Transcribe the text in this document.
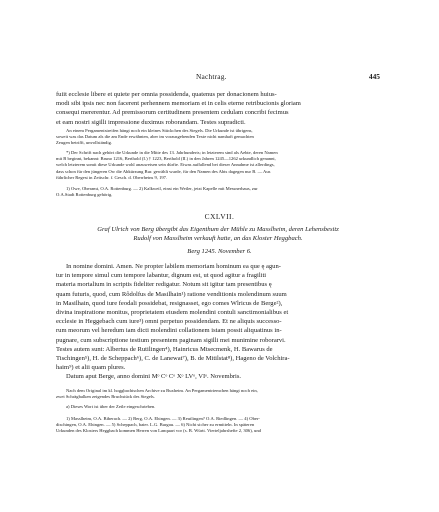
Nachtrag.	445
fuiit ecclesie libere et quiete per omnia possidenda, quatenus per donacionem huius-
modi sibi ipsis nec non facerent perhennem memoriam et in celis eterne retribucionis gloriam
consequi mererentur. Ad premissorum certitudinem presentem cedulam concribi fecimus
et eam nostri sigilli impressione duximus roborandam. Testes supradicti.
An einem Pergamentstreifen hängt noch ein kleines Stückchen des Siegels. Die Urkunde ist übrigens,
soweit was das Datum als die am Ende erwähnten, aber im vorausgehenden Texte nicht namhaft gemachten
Zeugen betrifft, unvollständig.
*) Der Schrift nach gehört die Urkunde in die Mitte des 13. Jahrhunderts; in letzterem sind als Aebte, deren Namen
mit B beginnt, bekannt: Bruno 1216, Berthold (I.) † 1223, Berthold (II.) in den Jahren 1245—1262 urkundlich genannt,
welch letzterem somit diese Urkunde wohl anzuweisen sein dürfte. Etwas auffallend bei dieser Annahme ist allerdings,
dass schon für den jüngeren Ow die Abkürzung Bur. gewählt wurde, für den Namen des Abts dagegen nur B. — Aus
führlicher Regest in Zeitschr. f. Gesch. d. Oberrheins 9, 197.
1) Owe, Oberamt, O.A. Rottenburg. — 2) Kalkweil, einst ein Weiler, jetzt Kapelle mit Messnerhaus, zur
O.A.Stadt Rottenburg gehörig.
CXLVII.
Graf Ulrich von Berg übergibt das Eigenthum der Mühle zu Masslheim, deren Lehensbesitz
Rudolf von Masslheim verkauft hatte, an das Kloster Heggbach.
Berg 1245. November 6.
In nomine domini. Amen. Ne propter labilem memoriam hominum ea que ę agun-
tur in tempore simul cum tempore labantur, dignum est, ut quod agitur a fragiliti
materia mortalium in scriptis fideliter redigatur. Notum sit igitur tam presentibus ę
quam futuris, quod, cum Rôdolfus de Masilhain¹) ratione venditionis molendinum suum
in Masilhain, quod iure feodali possidebat, resignasset, ego comes Wlricus de Berge²),
divina inspiratione monitus, proprietatem eiusdem molendini contuli sanctimonialibus et
ecclesie in Heggebach cum iure³) omni perpetuo possidendam. Et ne aliquis successo-
rum meorum vel heredum iam dicti molendini collationem istam possit aliquatinus in-
pugnare, cum subscriptione testium presentem paginam sigilli mei munimine roborarvi.
Testes autem sunt: Albertus de Rutilingen⁴), Hainricus Mtsecmenk, H. Bawarus de
Tischingen⁵), H. de Scheppach⁶), C. de Lanewat⁷), B. de Mitilstat⁸), Hageno de Volchira-
haim⁹) et alii quam plures.
Datum aput Berge, anno domini Mᵒ Cᵒ Cᵒ Xᵒ LVᵒ, VIᵒ. Novembris.
Nach dem Original im kl. hoggbachischen Archive zu Buxheim. An Pergamentriemchen hängt noch ein,
zwei Schrägbalken zeigendes Bruchstück des Siegels.
a) Dieses Wort ist über der Zeile eingeschrieben.
1) Masslheim, O.A. Biberach. — 2) Berg, O.A. Ehingen. — 3) Reutlingen? O.A. Riedlingen. — 4) Ober-
dischingen, O.A. Ehingen. — 5) Scheppach, baier. L.G. Burgau. — 6) Nicht sicher zu ermitteln. In späteren
Urkunden des Klosters Heggbach kommen Herren von Lanquart vor (s. B. Württ. Vierteljahrshefte 2, 306), und
